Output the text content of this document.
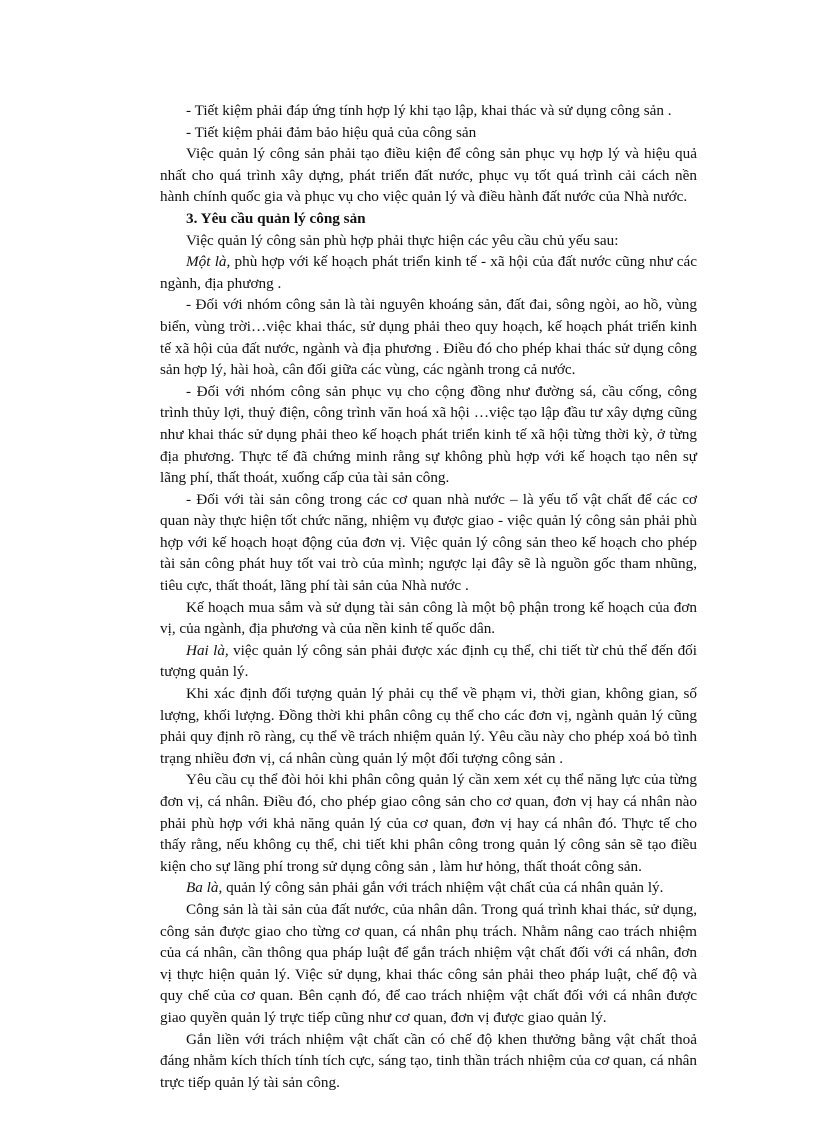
- Tiết kiệm phải đáp ứng tính hợp lý khi tạo lập, khai thác và sử dụng công sản .

- Tiết kiệm phải đảm bảo hiệu quả của công sản

Việc quản lý công sản phải tạo điều kiện để công sản phục vụ hợp lý và hiệu quả nhất cho quá trình xây dựng, phát triển đất nước, phục vụ tốt quá trình cải cách nền hành chính quốc gia và phục vụ cho việc quản lý và điều hành đất nước của Nhà nước.

3. Yêu cầu quản lý công sản

Việc quản lý công sản phù hợp phải thực hiện các yêu cầu chủ yếu sau:

Một là, phù hợp với kế hoạch phát triển kinh tế - xã hội của đất nước cũng như các ngành, địa phương .

- Đối với nhóm công sản là tài nguyên khoáng sản, đất đai, sông ngòi, ao hồ, vùng biển, vùng trời…việc khai thác, sử dụng phải theo quy hoạch, kế hoạch phát triển kinh tế xã hội của đất nước, ngành và địa phương . Điều đó cho phép khai thác sử dụng công sản hợp lý, hài hoà, cân đối giữa các vùng, các ngành trong cả nước.

- Đối với nhóm công sản phục vụ cho cộng đồng như đường sá, cầu cống, công trình thủy lợi, thuỷ điện, công trình văn hoá xã hội …việc tạo lập đầu tư xây dựng cũng như khai thác sử dụng phải theo kế hoạch phát triển kinh tế xã hội từng thời kỳ, ở từng địa phương. Thực tế đã chứng minh rằng sự không phù hợp với kế hoạch tạo nên sự lãng phí, thất thoát, xuống cấp của tài sản công.

- Đối với tài sản công trong các cơ quan nhà nước – là yếu tố vật chất để các cơ quan này thực hiện tốt chức năng, nhiệm vụ được giao - việc quản lý công sản phải phù hợp với kế hoạch hoạt động của đơn vị. Việc quản lý công sản theo kế hoạch cho phép tài sản công phát huy tốt vai trò của mình; ngược lại đây sẽ là nguồn gốc tham nhũng, tiêu cực, thất thoát, lãng phí tài sản của Nhà nước .

Kế hoạch mua sắm và sử dụng tài sản công là một bộ phận trong kế hoạch của đơn vị, của ngành, địa phương và của nền kinh tế quốc dân.

Hai là, việc quản lý công sản phải được xác định cụ thể, chi tiết từ chủ thể đến đối tượng quản lý.

Khi xác định đối tượng quản lý phải cụ thể về phạm vi, thời gian, không gian, số lượng, khối lượng. Đồng thời khi phân công cụ thể cho các đơn vị, ngành quản lý cũng phải quy định rõ ràng, cụ thể về trách nhiệm quản lý. Yêu cầu này cho phép xoá bỏ tình trạng nhiều đơn vị, cá nhân cùng quản lý một đối tượng công sản .

Yêu cầu cụ thể đòi hỏi khi phân công quản lý cần xem xét cụ thể năng lực của từng đơn vị, cá nhân. Điều đó, cho phép giao công sản cho cơ quan, đơn vị hay cá nhân nào phải phù hợp với khả năng quản lý của cơ quan, đơn vị hay cá nhân đó. Thực tế cho thấy rằng, nếu không cụ thể, chi tiết khi phân công trong quản lý công sản sẽ tạo điều kiện cho sự lãng phí trong sử dụng công sản , làm hư hỏng, thất thoát công sản.

Ba là, quản lý công sản phải gắn với trách nhiệm vật chất của cá nhân quản lý.

Công sản là tài sản của đất nước, của nhân dân. Trong quá trình khai thác, sử dụng, công sản được giao cho từng cơ quan, cá nhân phụ trách. Nhằm nâng cao trách nhiệm của cá nhân, cần thông qua pháp luật để gắn trách nhiệm vật chất đối với cá nhân, đơn vị thực hiện quản lý. Việc sử dụng, khai thác công sản phải theo pháp luật, chế độ và quy chế của cơ quan. Bên cạnh đó, để cao trách nhiệm vật chất đối với cá nhân được giao quyền quản lý trực tiếp cũng như cơ quan, đơn vị được giao quản lý.

Gắn liền với trách nhiệm vật chất cần có chế độ khen thưởng bằng vật chất thoả đáng nhằm kích thích tính tích cực, sáng tạo, tinh thần trách nhiệm của cơ quan, cá nhân trực tiếp quản lý tài sản công.
